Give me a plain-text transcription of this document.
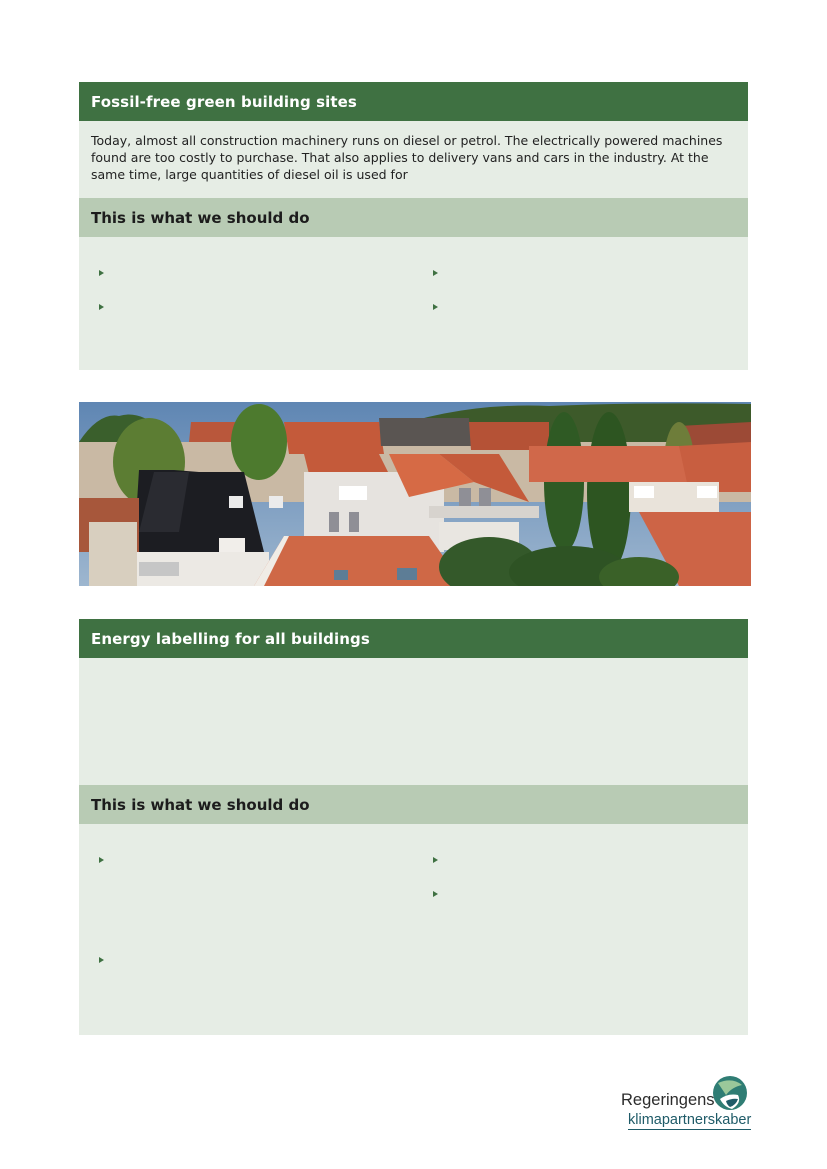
Fossil-free green building sites
Today, almost all construction machinery runs on diesel or petrol. The electrically powered machines found are too costly to purchase. That also applies to delivery vans and cars in the industry. At the same time, large quantities of diesel oil is used for
This is what we should do
Energy labelling for all buildings
This is what we should do
Regeringens
klimapartnerskaber
